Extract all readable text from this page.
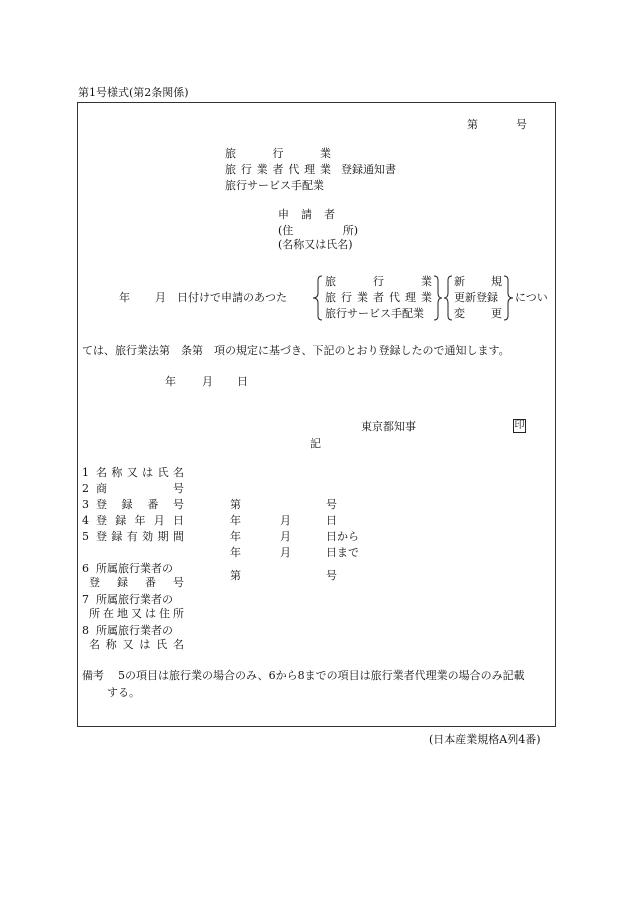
第1号様式(第2条関係)
第	号
旅	行	業
旅 行 業 者 代 理 業 登録通知書
旅行サービス手配業
申 請 者
(住	所)
(名称又は氏名)
年 月 日付けで申請のあつた
旅	行	業
旅 行 業 者 代 理 業
旅行サービス手配業
新 規
更新登録
変 更
につい
ては、旅行業法第　条第　項の規定に基づき、下記のとおり登録したので通知します。
年 月 日
東京都知事	印
記
1 名 称 又 は 氏 名
2 商	号
3 登 録 番 号	第	号
4 登 録 年 月 日	年	月	日
5 登 録 有 効 期 間	年	月	日から
年	月	日まで
6 所属旅行業者の
登 録 番 号
第	号
7 所属旅行業者の
所 在 地 又 は 住 所
8 所属旅行業者の
名 称 又 は 氏 名
備考 5の項目は旅行業の場合のみ、6から8までの項目は旅行業者代理業の場合のみ記載
する。
(日本産業規格A列4番)
